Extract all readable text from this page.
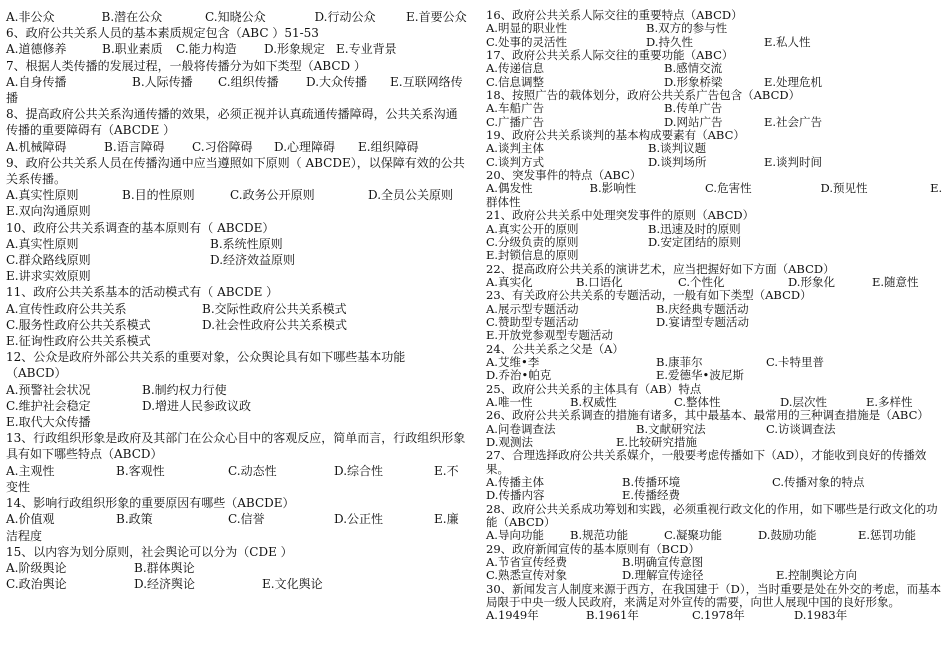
A.非公众	B.潜在公众	C.知晓公众	D.行动公众	E.首要公众
6、政府公共关系人员的基本素质规定包含（ABC ）51-53
A.道德修养	B.职业素质	C.能力构造	D.形象规定 E.专业背景
7、根据人类传播的发展过程，一般将传播分为如下类型（ABCD ）
A.自身传播	B.人际传播	C.组织传播	D.大众传播	E.互联网络传
播
8、提高政府公共关系沟通传播的效果，必须正视并认真疏通传播障碍，公共关系沟通传播的重要障碍有（ABCDE ）
A.机械障碍	B.语言障碍	C.习俗障碍	D.心理障碍	E.组织障碍
9、政府公共关系人员在传播沟通中应当遵照如下原则（ ABCDE），以保障有效的公共关系传播。
A.真实性原则	B.目的性原则	C.政务公开原则	D.全员公关原则
E.双向沟通原则
10、政府公共关系调查的基本原则有（ ABCDE）
A.真实性原则	B.系统性原则
C.群众路线原则	D.经济效益原则
E.讲求实效原则
11、政府公共关系基本的活动模式有（ ABCDE ）
A.宣传性政府公共关系	B.交际性政府公共关系模式
C.服务性政府公共关系模式	D.社会性政府公共关系模式
E.征询性政府公共关系模式
12、公众是政府外部公共关系的重要对象，公众舆论具有如下哪些基本功能
（ABCD）
A.预警社会状况	B.制约权力行使
C.维护社会稳定	D.增进人民参政议政
E.取代大众传播
13、行政组织形象是政府及其部门在公众心目中的客观反应，简单而言，行政组织形象具有如下哪些特点（ABCD）
A.主观性	B.客观性	C.动态性	D.综合性	E.不
变性
14、影响行政组织形象的重要原因有哪些（ABCDE）
A.价值观	B.政策	C.信誉	D.公正性	E.廉
洁程度
15、以内容为划分原则，社会舆论可以分为（CDE ）
A.阶级舆论	B.群体舆论
C.政治舆论	D.经济舆论	E.文化舆论
16、政府公共关系人际交往的重要特点（ABCD）
A.明显的职业性	B.双方的参与性
C.处事的灵活性	D.持久性	E.私人性
17、政府公共关系人际交往的重要功能（ABC）
A.传递信息	B.感情交流
C.信息调整	D.形象桥梁	E.处理危机
18、按照广告的载体划分，政府公共关系广告包含（ABCD）
A.车船广告	B.传单广告
C.广播广告	D.网站广告	E.社会广告
19、政府公共关系谈判的基本构成要素有（ABC）
A.谈判主体	B.谈判议题
C.谈判方式	D.谈判场所	E.谈判时间
20、突发事件的特点（ABC）
A.偶发性	B.影响性	C.危害性	D.预见性	E.
群体性
21、政府公共关系中处理突发事件的原则（ABCD）
A.真实公开的原则	B.迅速及时的原则
C.分级负责的原则	D.安定团结的原则
E.封锁信息的原则
22、提高政府公共关系的演讲艺术，应当把握好如下方面（ABCD）
A.真实化	B.口语化	C.个性化	D.形象化	E.随意性
23、有关政府公共关系的专题活动，一般有如下类型（ABCD）
A.展示型专题活动	B.庆经典专题活动
C.赞助型专题活动	D.宴请型专题活动
E.开放党参观型专题活动
24、公共关系之父是（A）
A.艾维•李	B.康菲尔	C.卡特里普
D.乔治•帕克	E.爱德华•波尼斯
25、政府公共关系的主体具有（AB）特点
A.唯一性	B.权威性	C.整体性	D.层次性	E.多样性
26、政府公共关系调查的措施有诸多，其中最基本、最常用的三种调查措施是（ABC）
A.问卷调查法	B.文献研究法	C.访谈调查法
D.观测法	E.比较研究措施
27、合理选择政府公共关系媒介，一般要考虑传播如下（AD），才能收到良好的传播效果。
A.传播主体	B.传播环境	C.传播对象的特点
D.传播内容	E.传播经费
28、政府公共关系成功筹划和实践，必须重视行政文化的作用，如下哪些是行政文化的功能（ABCD）
A.导向功能	B.规范功能	C.凝聚功能	D.鼓励功能	E.惩罚功能
29、政府新闻宣传的基本原则有（BCD）
A.节省宣传经费	B.明确宣传意图
C.熟悉宣传对象	D.理解宣传途径	E.控制舆论方向
30、新闻发言人制度来源于西方，在我国建于（D），当时重要是处在外交的考虑，而基本局限于中央一级人民政府，来满足对外宣传的需要，向世人展现中国的良好形象。
A.1949年	B.1961年	C.1978年	D.1983年
